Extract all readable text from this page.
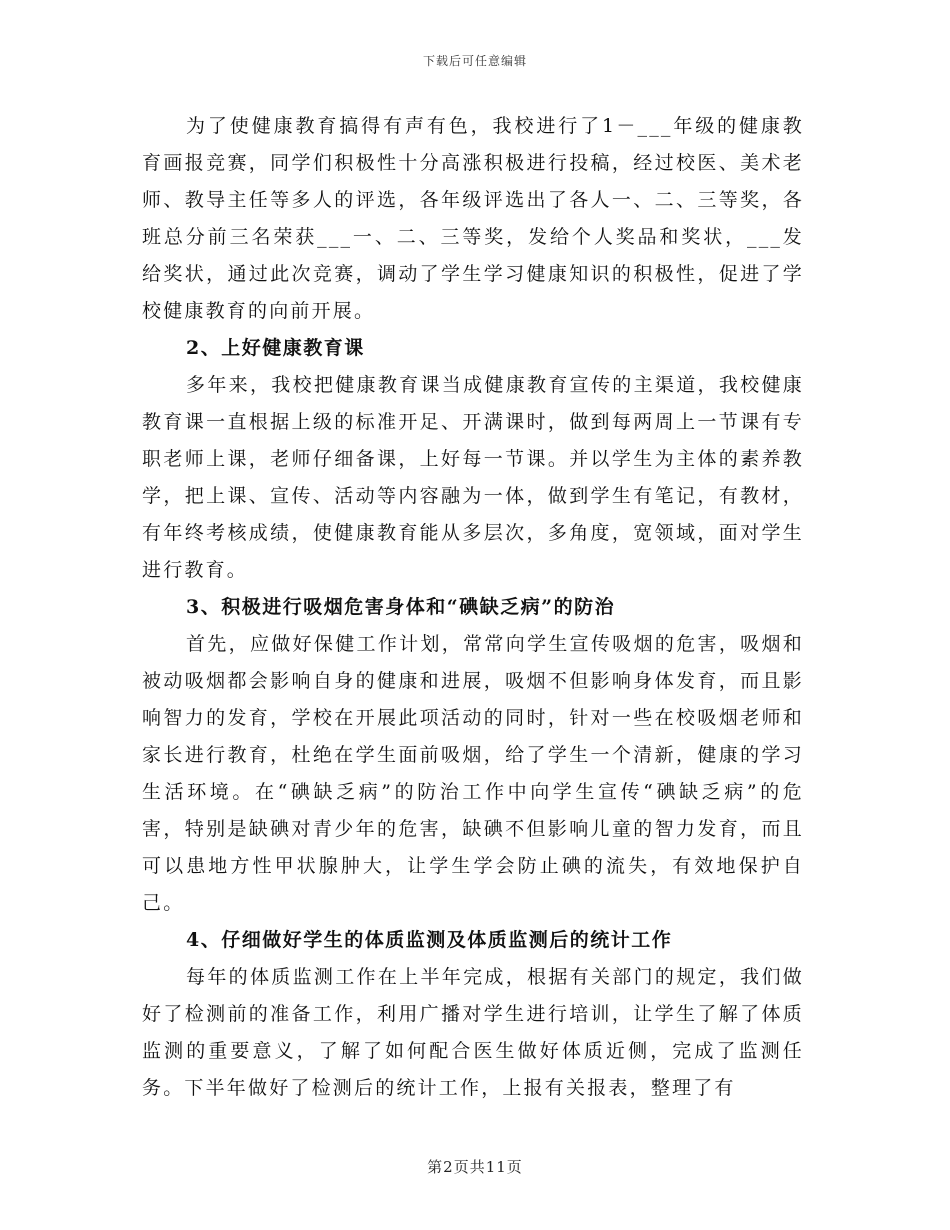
下载后可任意编辑

为了使健康教育搞得有声有色，我校进行了1－___年级的健康教育画报竞赛，同学们积极性十分高涨积极进行投稿，经过校医、美术老师、教导主任等多人的评选，各年级评选出了各人一、二、三等奖，各班总分前三名荣获___一、二、三等奖，发给个人奖品和奖状，___发给奖状，通过此次竞赛，调动了学生学习健康知识的积极性，促进了学校健康教育的向前开展。

2、上好健康教育课

多年来，我校把健康教育课当成健康教育宣传的主渠道，我校健康教育课一直根据上级的标准开足、开满课时，做到每两周上一节课有专职老师上课，老师仔细备课，上好每一节课。并以学生为主体的素养教学，把上课、宣传、活动等内容融为一体，做到学生有笔记，有教材，有年终考核成绩，使健康教育能从多层次，多角度，宽领域，面对学生进行教育。

3、积极进行吸烟危害身体和“碘缺乏病”的防治

首先，应做好保健工作计划，常常向学生宣传吸烟的危害，吸烟和被动吸烟都会影响自身的健康和进展，吸烟不但影响身体发育，而且影响智力的发育，学校在开展此项活动的同时，针对一些在校吸烟老师和家长进行教育，杜绝在学生面前吸烟，给了学生一个清新，健康的学习生活环境。在“碘缺乏病”的防治工作中向学生宣传“碘缺乏病”的危害，特别是缺碘对青少年的危害，缺碘不但影响儿童的智力发育，而且可以患地方性甲状腺肿大，让学生学会防止碘的流失，有效地保护自己。

4、仔细做好学生的体质监测及体质监测后的统计工作

每年的体质监测工作在上半年完成，根据有关部门的规定，我们做好了检测前的准备工作，利用广播对学生进行培训，让学生了解了体质监测的重要意义，了解了如何配合医生做好体质近侧，完成了监测任务。下半年做好了检测后的统计工作，上报有关报表，整理了有

第2页共11页
